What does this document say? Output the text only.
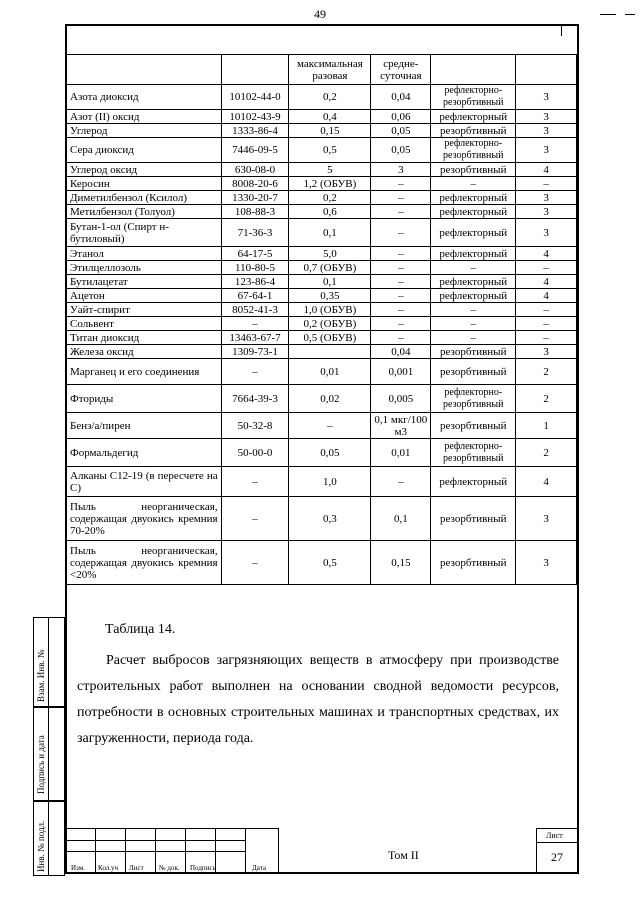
49
		максимальная разовая	средне-суточная		
Азота диоксид	10102-44-0	0,2	0,04	рефлекторно-резорбтивный	3
Азот (II) оксид	10102-43-9	0,4	0,06	рефлекторный	3
Углерод	1333-86-4	0,15	0,05	резорбтивный	3
Сера диоксид	7446-09-5	0,5	0,05	рефлекторно-резорбтивный	3
Углерод оксид	630-08-0	5	3	резорбтивный	4
Керосин	8008-20-6	1,2 (ОБУВ)	–	–	–
Диметилбензол (Ксилол)	1330-20-7	0,2	–	рефлекторный	3
Метилбензол (Толуол)	108-88-3	0,6	–	рефлекторный	3
Бутан-1-ол (Спирт н-бутиловый)	71-36-3	0,1	–	рефлекторный	3
Этанол	64-17-5	5,0	–	рефлекторный	4
Этилцеллозоль	110-80-5	0,7 (ОБУВ)	–	–	–
Бутилацетат	123-86-4	0,1	–	рефлекторный	4
Ацетон	67-64-1	0,35	–	рефлекторный	4
Уайт-спирит	8052-41-3	1,0 (ОБУВ)	–	–	–
Сольвент	–	0,2 (ОБУВ)	–	–	–
Титан диоксид	13463-67-7	0,5 (ОБУВ)	–	–	–
Железа оксид	1309-73-1		0,04	резорбтивный	3
Марганец и его соединения	–	0,01	0,001	резорбтивный	2
Фториды	7664-39-3	0,02	0,005	рефлекторно-резорбтивный	2
Бенз/а/пирен	50-32-8	–	0,1 мкг/100 м3	резорбтивный	1
Формальдегид	50-00-0	0,05	0,01	рефлекторно-резорбтивный	2
Алканы C12-19 (в пересчете на С)	–	1,0	–	рефлекторный	4
Пыль неорганическая, содержащая двуокись кремния 70-20%	–	0,3	0,1	резорбтивный	3
Пыль неорганическая, содержащая двуокись кремния <20%	–	0,5	0,15	резорбтивный	3
Таблица 14.
Расчет выбросов загрязняющих веществ в атмосферу при производстве строительных работ выполнен на основании сводной ведомости ресурсов, потребности в основных строительных машинах и транспортных средствах, их загруженности, периода года.
Взам. Инв. №
Подпись и дата
Инв. № подл.	Изм. Кол.уч Лист № док. Подпись	Дата
Том II
Лист
27
